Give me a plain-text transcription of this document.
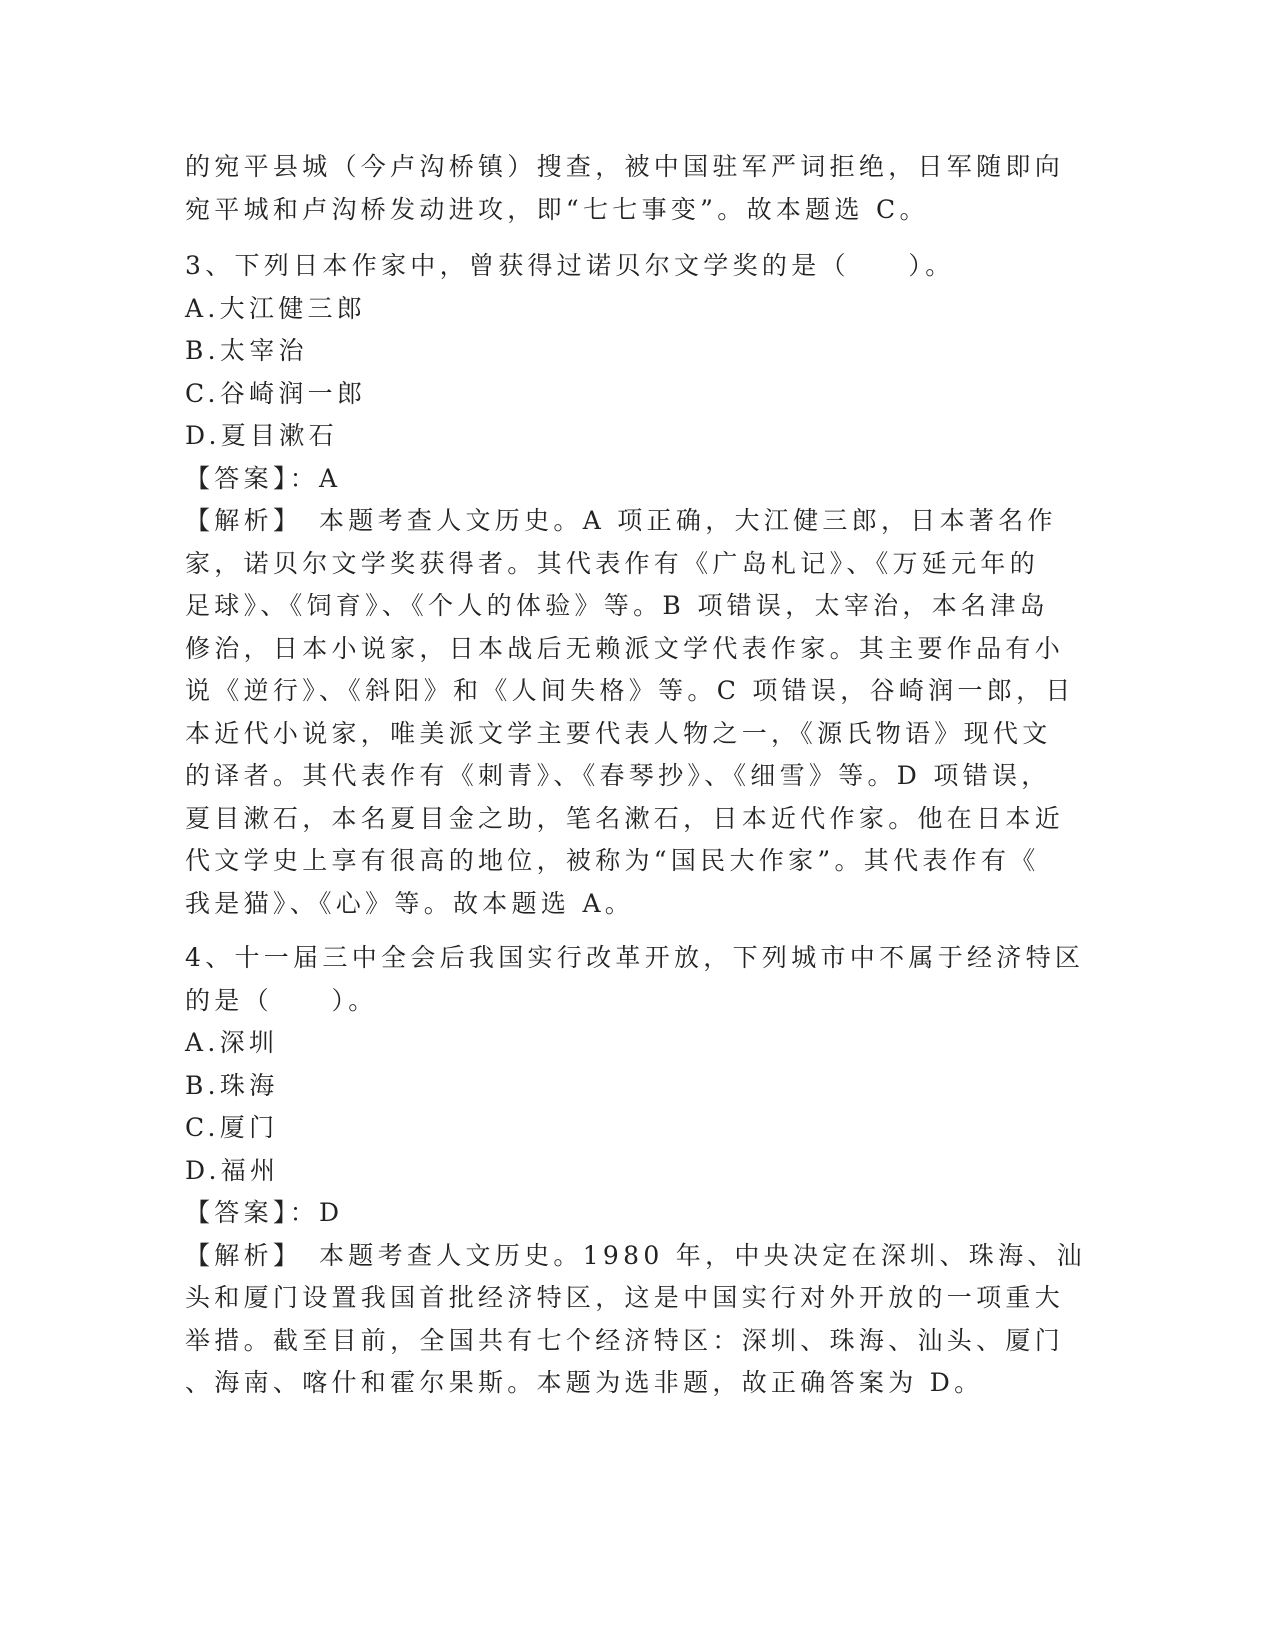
的宛平县城（今卢沟桥镇）搜查，被中国驻军严词拒绝，日军随即向
宛平城和卢沟桥发动进攻，即“七七事变”。故本题选 C。
3、下列日本作家中，曾获得过诺贝尔文学奖的是（　　）。
A.大江健三郎
B.太宰治
C.谷崎润一郎
D.夏目漱石
【答案】：A
【解析】　本题考查人文历史。A 项正确，大江健三郎，日本著名作
家，诺贝尔文学奖获得者。其代表作有《广岛札记》、《万延元年的
足球》、《饲育》、《个人的体验》等。B 项错误，太宰治，本名津岛
修治，日本小说家，日本战后无赖派文学代表作家。其主要作品有小
说《逆行》、《斜阳》和《人间失格》等。C 项错误，谷崎润一郎，日
本近代小说家，唯美派文学主要代表人物之一，《源氏物语》现代文
的译者。其代表作有《刺青》、《春琴抄》、《细雪》等。D 项错误，
夏目漱石，本名夏目金之助，笔名漱石，日本近代作家。他在日本近
代文学史上享有很高的地位，被称为“国民大作家”。其代表作有《
我是猫》、《心》等。故本题选 A。
4、十一届三中全会后我国实行改革开放，下列城市中不属于经济特区
的是（　　）。
A.深圳
B.珠海
C.厦门
D.福州
【答案】：D
【解析】　本题考查人文历史。1980 年，中央决定在深圳、珠海、汕
头和厦门设置我国首批经济特区，这是中国实行对外开放的一项重大
举措。截至目前，全国共有七个经济特区：深圳、珠海、汕头、厦门
、海南、喀什和霍尔果斯。本题为选非题，故正确答案为 D。
